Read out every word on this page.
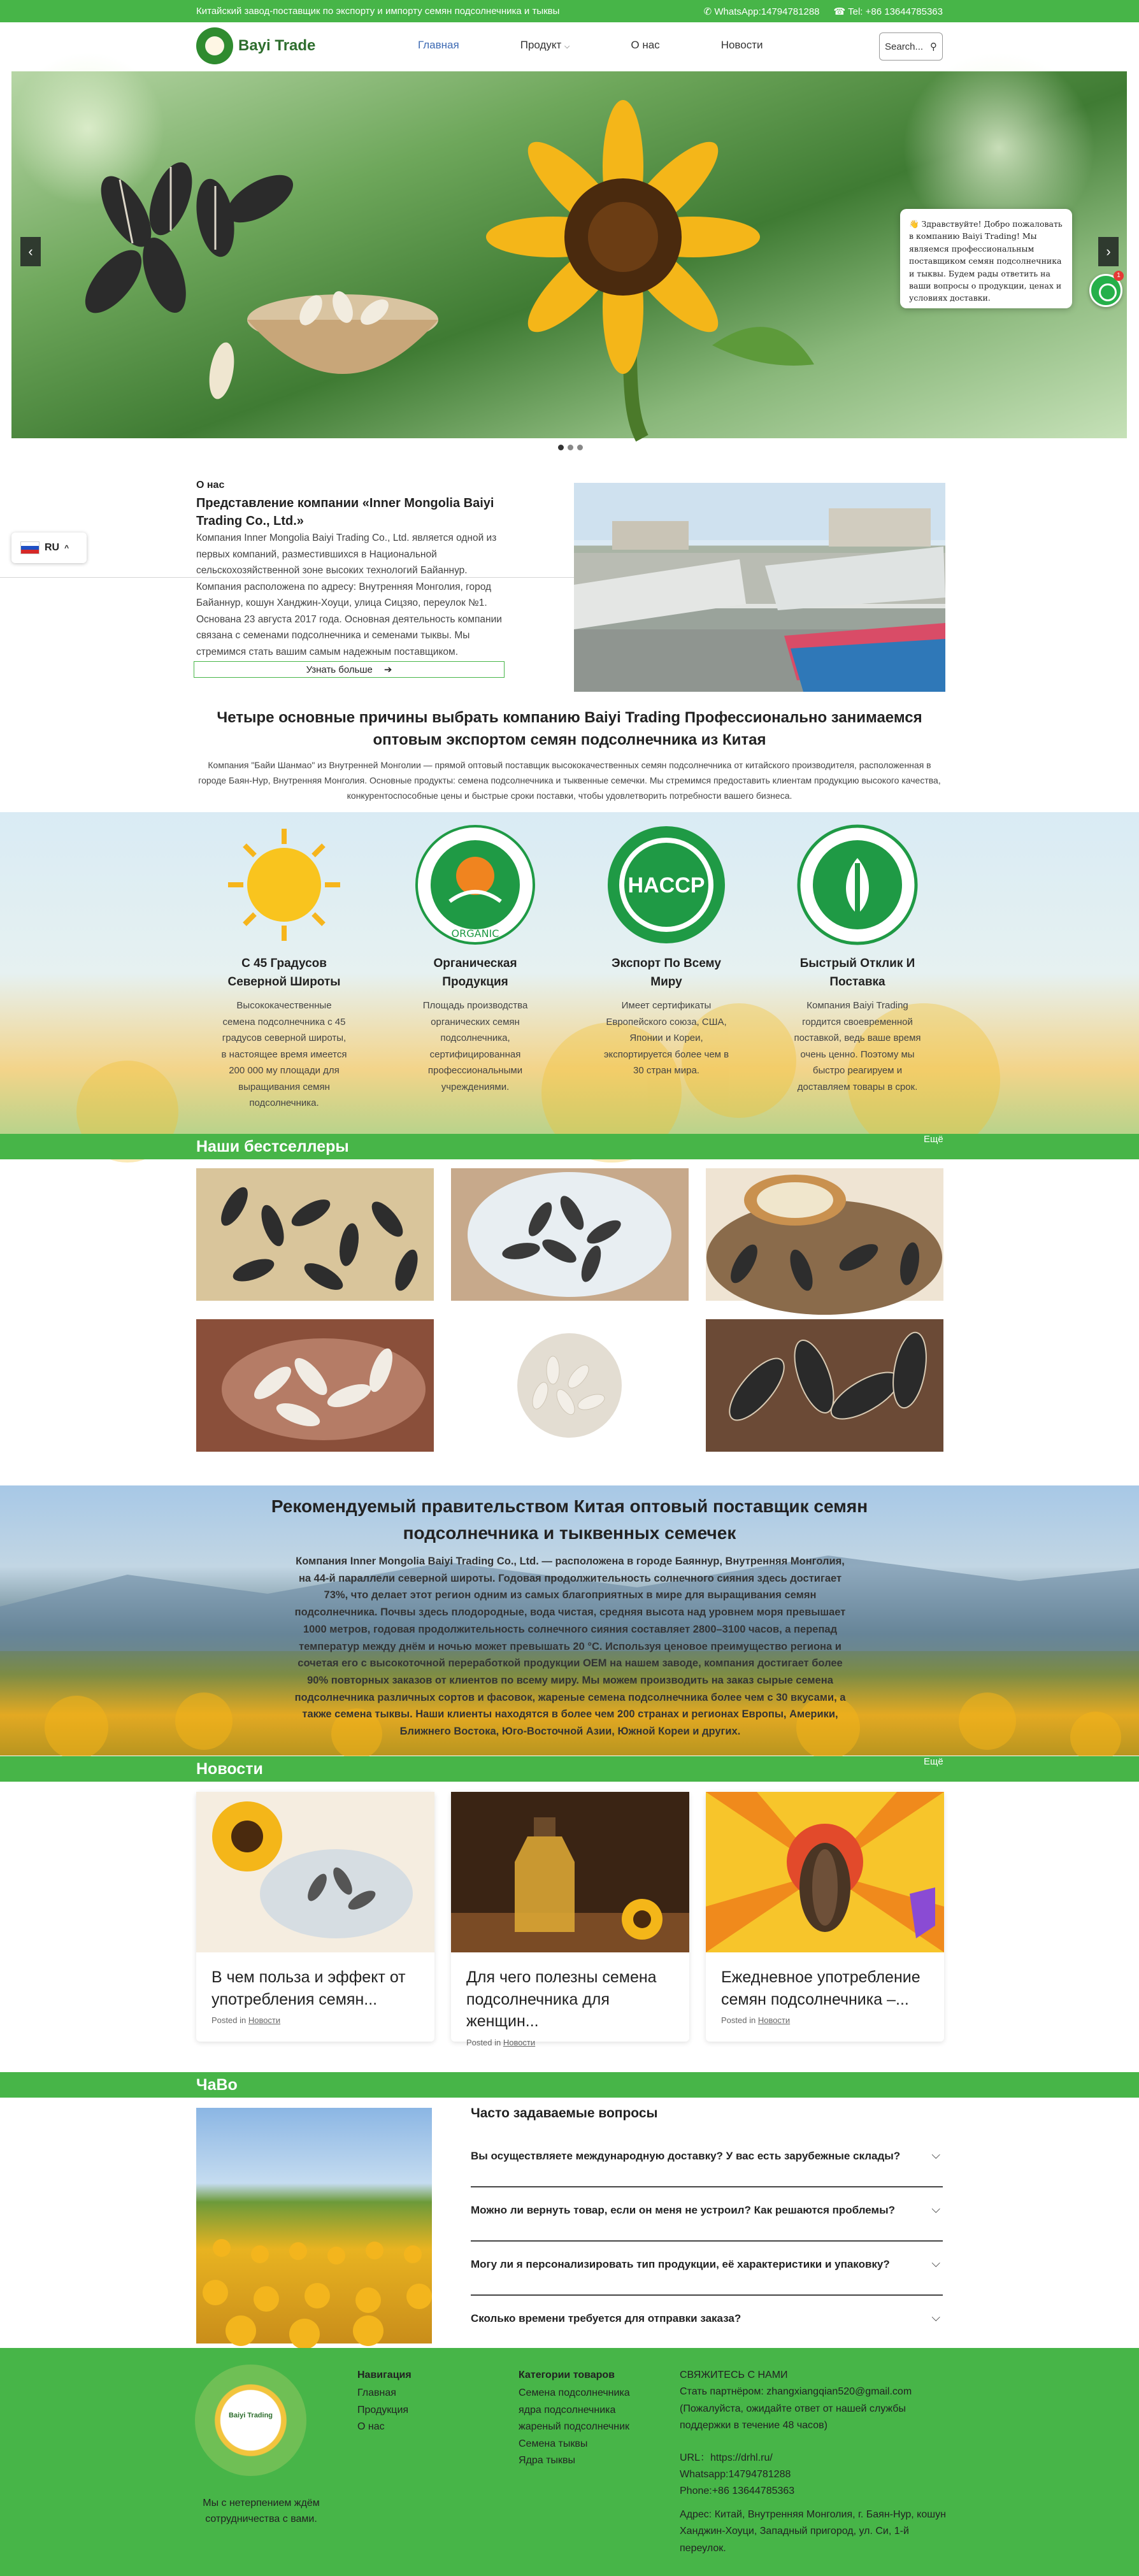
Китайский завод-поставщик по экспорту и импорту семян подсолнечника и тыквы	✆ WhatsApp:14794781288 ☎ Tel: +86 13644785363
Bayi Trade	Главная	Продукт ⌵	О нас	Новости	Search... ⚲
‹	›
👋 Здравствуйте! Добро пожаловать в компанию Baiyi Trading! Мы являемся профессиональным поставщиком семян подсолнечника и тыквы. Будем рады ответить на ваши вопросы о продукции, ценах и условиях доставки.
1
О нас
Представление компании «Inner Mongolia Baiyi Trading Co., Ltd.»
Компания Inner Mongolia Baiyi Trading Co., Ltd. является одной из первых компаний, разместившихся в Национальной сельскохозяйственной зоне высоких технологий Байаннур. Компания расположена по адресу: Внутренняя Монголия, город Байаннур, кошун Ханджин-Хоуци, улица Сицзяо, переулок №1. Основана 23 августа 2017 года. Основная деятельность компании связана с семенами подсолнечника и семенами тыквы. Мы стремимся стать вашим самым надежным поставщиком.
Узнать больше ➔
RU ^
Четыре основные причины выбрать компанию Baiyi Trading Профессионально занимаемся оптовым экспортом семян подсолнечника из Китая
Компания "Байи Шанмао" из Внутренней Монголии — прямой оптовый поставщик высококачественных семян подсолнечника от китайского производителя, расположенная в городе Баян-Нур, Внутренняя Монголия. Основные продукты: семена подсолнечника и тыквенные семечки. Мы стремимся предоставить клиентам продукцию высокого качества, конкурентоспособные цены и быстрые сроки поставки, чтобы удовлетворить потребности вашего бизнеса.
С 45 Градусов Северной Широты

Высококачественные семена подсолнечника с 45 градусов северной широты, в настоящее время имеется 200 000 му площади для выращивания семян подсолнечника.

ORGANIC
Органическая Продукция

Площадь производства органических семян подсолнечника, сертифицированная профессиональными учреждениями.

HACCP
Экспорт По Всему Миру

Имеет сертификаты Европейского союза, США, Японии и Кореи, экспортируется более чем в 30 стран мира.

Быстрый Отклик И Поставка

Компания Baiyi Trading гордится своевременной поставкой, ведь ваше время очень ценно. Поэтому мы быстро реагируем и доставляем товары в срок.

Наши бестселлеры	Ещё
Рекомендуемый правительством Китая оптовый поставщик семян подсолнечника и тыквенных семечек
Компания Inner Mongolia Baiyi Trading Co., Ltd. — расположена в городе Баяннур, Внутренняя Монголия, на 44-й параллели северной широты. Годовая продолжительность солнечного сияния здесь достигает 73%, что делает этот регион одним из самых благоприятных в мире для выращивания семян подсолнечника. Почвы здесь плодородные, вода чистая, средняя высота над уровнем моря превышает 1000 метров, годовая продолжительность солнечного сияния составляет 2800–3100 часов, а перепад температур между днём и ночью может превышать 20 °C. Используя ценовое преимущество региона и сочетая его с высокоточной переработкой продукции OEM на нашем заводе, компания достигает более 90% повторных заказов от клиентов по всему миру. Мы можем производить на заказ сырые семена подсолнечника различных сортов и фасовок, жареные семена подсолнечника более чем с 30 вкусами, а также семена тыквы. Наши клиенты находятся в более чем 200 странах и регионах Европы, Америки, Ближнего Востока, Юго-Восточной Азии, Южной Кореи и других.
Новости	Ещё
В чем польза и эффект от употребления семян...
Posted in Новости
Для чего полезны семена подсолнечника для женщин...
Posted in Новости
Ежедневное употребление семян подсолнечника –...
Posted in Новости
ЧаВо
Часто задаваемые вопросы
Вы осуществляете международную доставку? У вас есть зарубежные склады?	⌵
Можно ли вернуть товар, если он меня не устроил? Как решаются проблемы?	⌵
Могу ли я персонализировать тип продукции, её характеристики и упаковку?	⌵
Сколько времени требуется для отправки заказа?	⌵
Baiyi Trading
Мы с нетерпением ждём сотрудничества с вами.
Навигация
Главная
Продукция
О нас
Категории товаров
Семена подсолнечника
ядра подсолнечника
жареный подсолнечник
Семена тыквы
Ядра тыквы
СВЯЖИТЕСЬ С НАМИ
Стать партнёром: zhangxiangqian520@gmail.com
(Пожалуйста, ожидайте ответ от нашей службы поддержки в течение 48 часов)
URL：https://drhl.ru/
Whatsapp:14794781288
Phone:+86 13644785363
Адрес: Китай, Внутренняя Монголия, г. Баян-Нур, кошун Ханджин-Хоуци, Западный пригород, ул. Си, 1-й переулок.
